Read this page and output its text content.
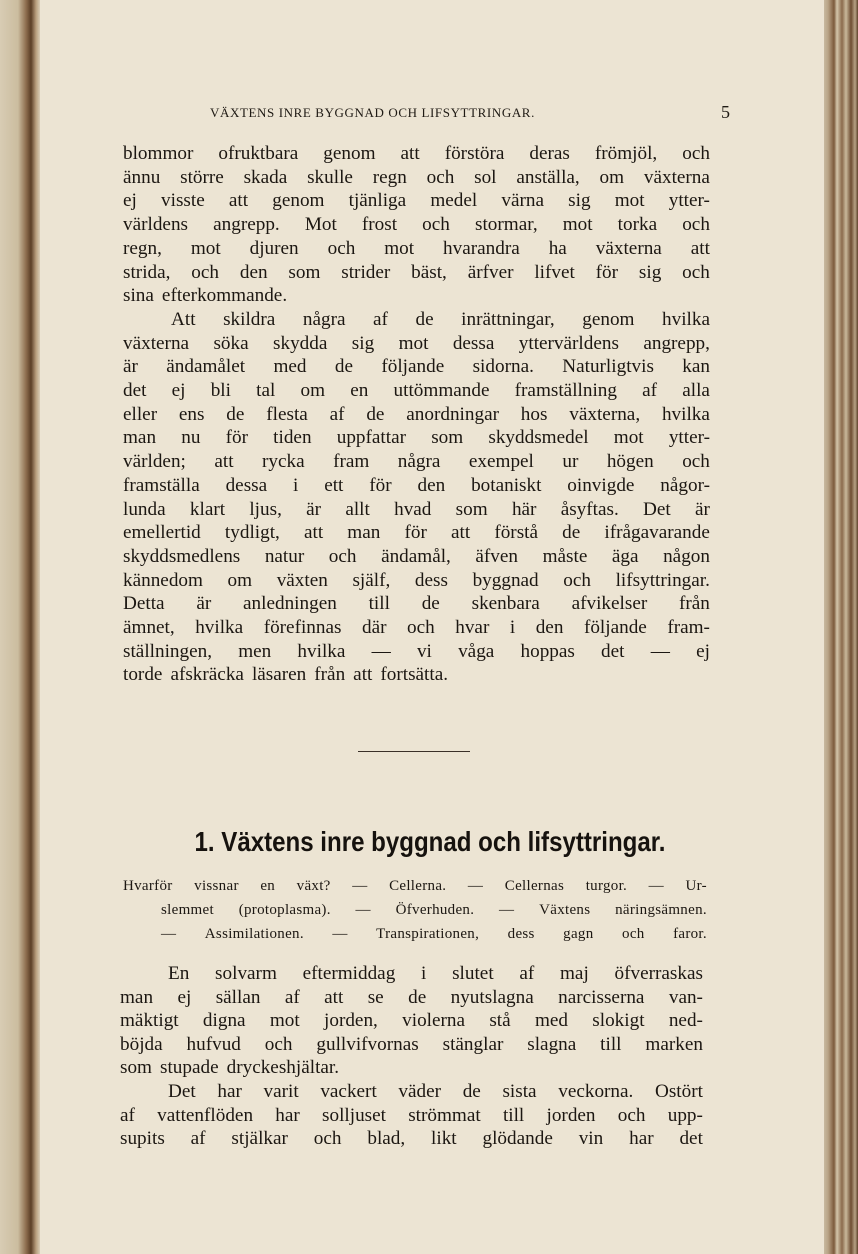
VÄXTENS INRE BYGGNAD OCH LIFSYTTRINGAR.	5
blommor ofruktbara genom att förstöra deras frömjöl, och
ännu större skada skulle regn och sol anställa, om växterna
ej visste att genom tjänliga medel värna sig mot ytter-
världens angrepp. Mot frost och stormar, mot torka och
regn, mot djuren och mot hvarandra ha växterna att
strida, och den som strider bäst, ärfver lifvet för sig och
sina efterkommande.
Att skildra några af de inrättningar, genom hvilka
växterna söka skydda sig mot dessa yttervärldens angrepp,
är ändamålet med de följande sidorna. Naturligtvis kan
det ej bli tal om en uttömmande framställning af alla
eller ens de flesta af de anordningar hos växterna, hvilka
man nu för tiden uppfattar som skyddsmedel mot ytter-
världen; att rycka fram några exempel ur högen och
framställa dessa i ett för den botaniskt oinvigde någor-
lunda klart ljus, är allt hvad som här åsyftas. Det är
emellertid tydligt, att man för att förstå de ifrågavarande
skyddsmedlens natur och ändamål, äfven måste äga någon
kännedom om växten själf, dess byggnad och lifsyttringar.
Detta är anledningen till de skenbara afvikelser från
ämnet, hvilka förefinnas där och hvar i den följande fram-
ställningen, men hvilka — vi våga hoppas det — ej
torde afskräcka läsaren från att fortsätta.
1. Växtens inre byggnad och lifsyttringar.
Hvarför vissnar en växt? — Cellerna. — Cellernas turgor. — Ur-
slemmet (protoplasma). — Öfverhuden. — Växtens näringsämnen.
— Assimilationen. — Transpirationen, dess gagn och faror.
En solvarm eftermiddag i slutet af maj öfverraskas
man ej sällan af att se de nyutslagna narcisserna van-
mäktigt digna mot jorden, violerna stå med slokigt ned-
böjda hufvud och gullvifvornas stänglar slagna till marken
som stupade dryckeshjältar.
Det har varit vackert väder de sista veckorna. Ostört
af vattenflöden har solljuset strömmat till jorden och upp-
supits af stjälkar och blad, likt glödande vin har det
